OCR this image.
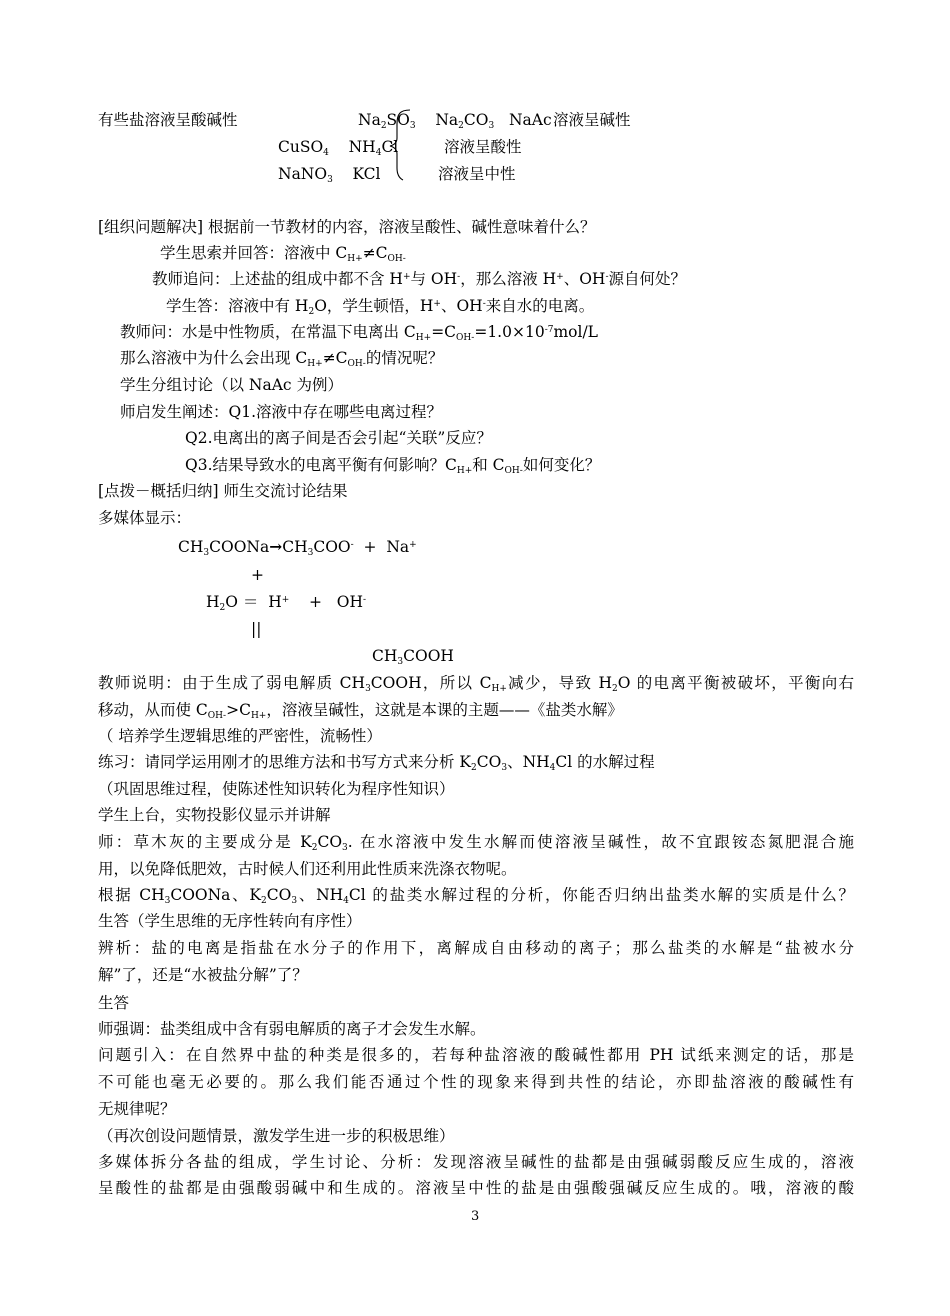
有些盐溶液呈酸碱性	$Na_2SO_3$    $Na_2CO_3$   NaAc 溶液呈碱性
CuSO$_4$    $NH_4Cl$	溶液呈酸性
NaNO$_3$    KCl	溶液呈中性
[组织问题解决] 根据前一节教材的内容，溶液呈酸性、碱性意味着什么？
学生思索并回答：溶液中 $C_{H+}\ne C_{OH-}$
教师追问：上述盐的组成中都不含 H+与 OH-，那么溶液 H+、OH-源自何处？
学生答：溶液中有 $H_2O$，学生顿悟，H+、OH-来自水的电离。
教师问：水是中性物质，在常温下电离出 $C_{H+}=C_{OH-}=1.0\times 10^{-7}mol/L$
那么溶液中为什么会出现 $C_{H+}\ne C_{OH-}$的情况呢？
学生分组讨论（以 NaAc 为例）
师启发生阐述：Q1.溶液中存在哪些电离过程？
Q2.电离出的离子间是否会引起“关联”反应？
Q3.结果导致水的电离平衡有何影响？$C_{H+}$和 $C_{OH-}$如何变化？
[点拨－概括归纳] 师生交流讨论结果
多媒体显示：
$CH_3COONa\to CH_3COO^- + Na^+$
+
$H_2O = H^+$    +   OH-
||
$CH_3COOH$
教师说明：由于生成了弱电解质 $CH_3COOH$，所以 $C_{H+}$减少，导致 $H_2O$ 的电离平衡被破坏，平衡向右
移动，从而使 $C_{OH-}>C_{H+}$，溶液呈碱性，这就是本课的主题——《盐类水解》
（ 培养学生逻辑思维的严密性，流畅性）
练习：请同学运用刚才的思维方法和书写方式来分析 $K_2CO_3$、$NH_4Cl$ 的水解过程
（巩固思维过程，使陈述性知识转化为程序性知识）
学生上台，实物投影仪显示并讲解
师：草木灰的主要成分是 $K_2CO_3$. 在水溶液中发生水解而使溶液呈碱性，故不宜跟铵态氮肥混合施
用，以免降低肥效，古时候人们还利用此性质来洗涤衣物呢。
根据 $CH_3COONa$、$K_2CO_3$、$NH_4Cl$ 的盐类水解过程的分析，你能否归纳出盐类水解的实质是什么？
生答（学生思维的无序性转向有序性）
辨析：盐的电离是指盐在水分子的作用下，离解成自由移动的离子；那么盐类的水解是“盐被水分
解”了，还是“水被盐分解”了？
生答
师强调：盐类组成中含有弱电解质的离子才会发生水解。
问题引入：在自然界中盐的种类是很多的，若每种盐溶液的酸碱性都用 PH 试纸来测定的话，那是
不可能也毫无必要的。那么我们能否通过个性的现象来得到共性的结论，亦即盐溶液的酸碱性有
无规律呢？
（再次创设问题情景，激发学生进一步的积极思维）
多媒体拆分各盐的组成，学生讨论、分析：发现溶液呈碱性的盐都是由强碱弱酸反应生成的，溶液
呈酸性的盐都是由强酸弱碱中和生成的。溶液呈中性的盐是由强酸强碱反应生成的。哦，溶液的酸
3
